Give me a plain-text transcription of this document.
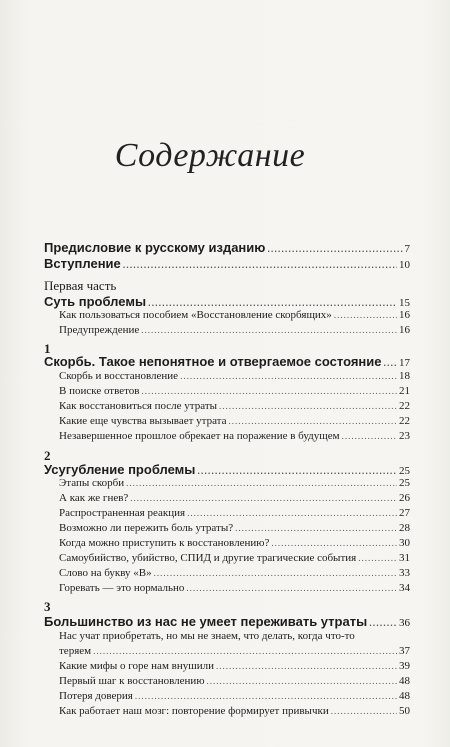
Содержание
Предисловие к русскому изданию .....	7
Вступление .....	10
Первая часть
Суть проблемы .....	15
Как пользоваться пособием «Восстановление скорбящих» .....	16
Предупреждение .....	16
1
Скорбь. Такое непонятное и отвергаемое состояние ..... 17
Скорбь и восстановление .....	18
В поиске ответов .....	21
Как восстановиться после утраты .....	22
Какие еще чувства вызывает утрата .....	22
Незавершенное прошлое обрекает на поражение в будущем .....	23
2
Усугубление проблемы .....	25
Этапы скорби .....	25
А как же гнев? .....	26
Распространенная реакция .....	27
Возможно ли пережить боль утраты? .....	28
Когда можно приступить к восстановлению? .....	30
Самоубийство, убийство, СПИД и другие трагические события .....	31
Слово на букву «В» .....	33
Горевать — это нормально .....	34
3
Большинство из нас не умеет переживать утраты .....	36
Нас учат приобретать, но мы не знаем, что делать, когда что-то
теряем .....	37
Какие мифы о горе нам внушили .....	39
Первый шаг к восстановлению .....	48
Потеря доверия .....	48
Как работает наш мозг: повторение формирует привычки .....	50
